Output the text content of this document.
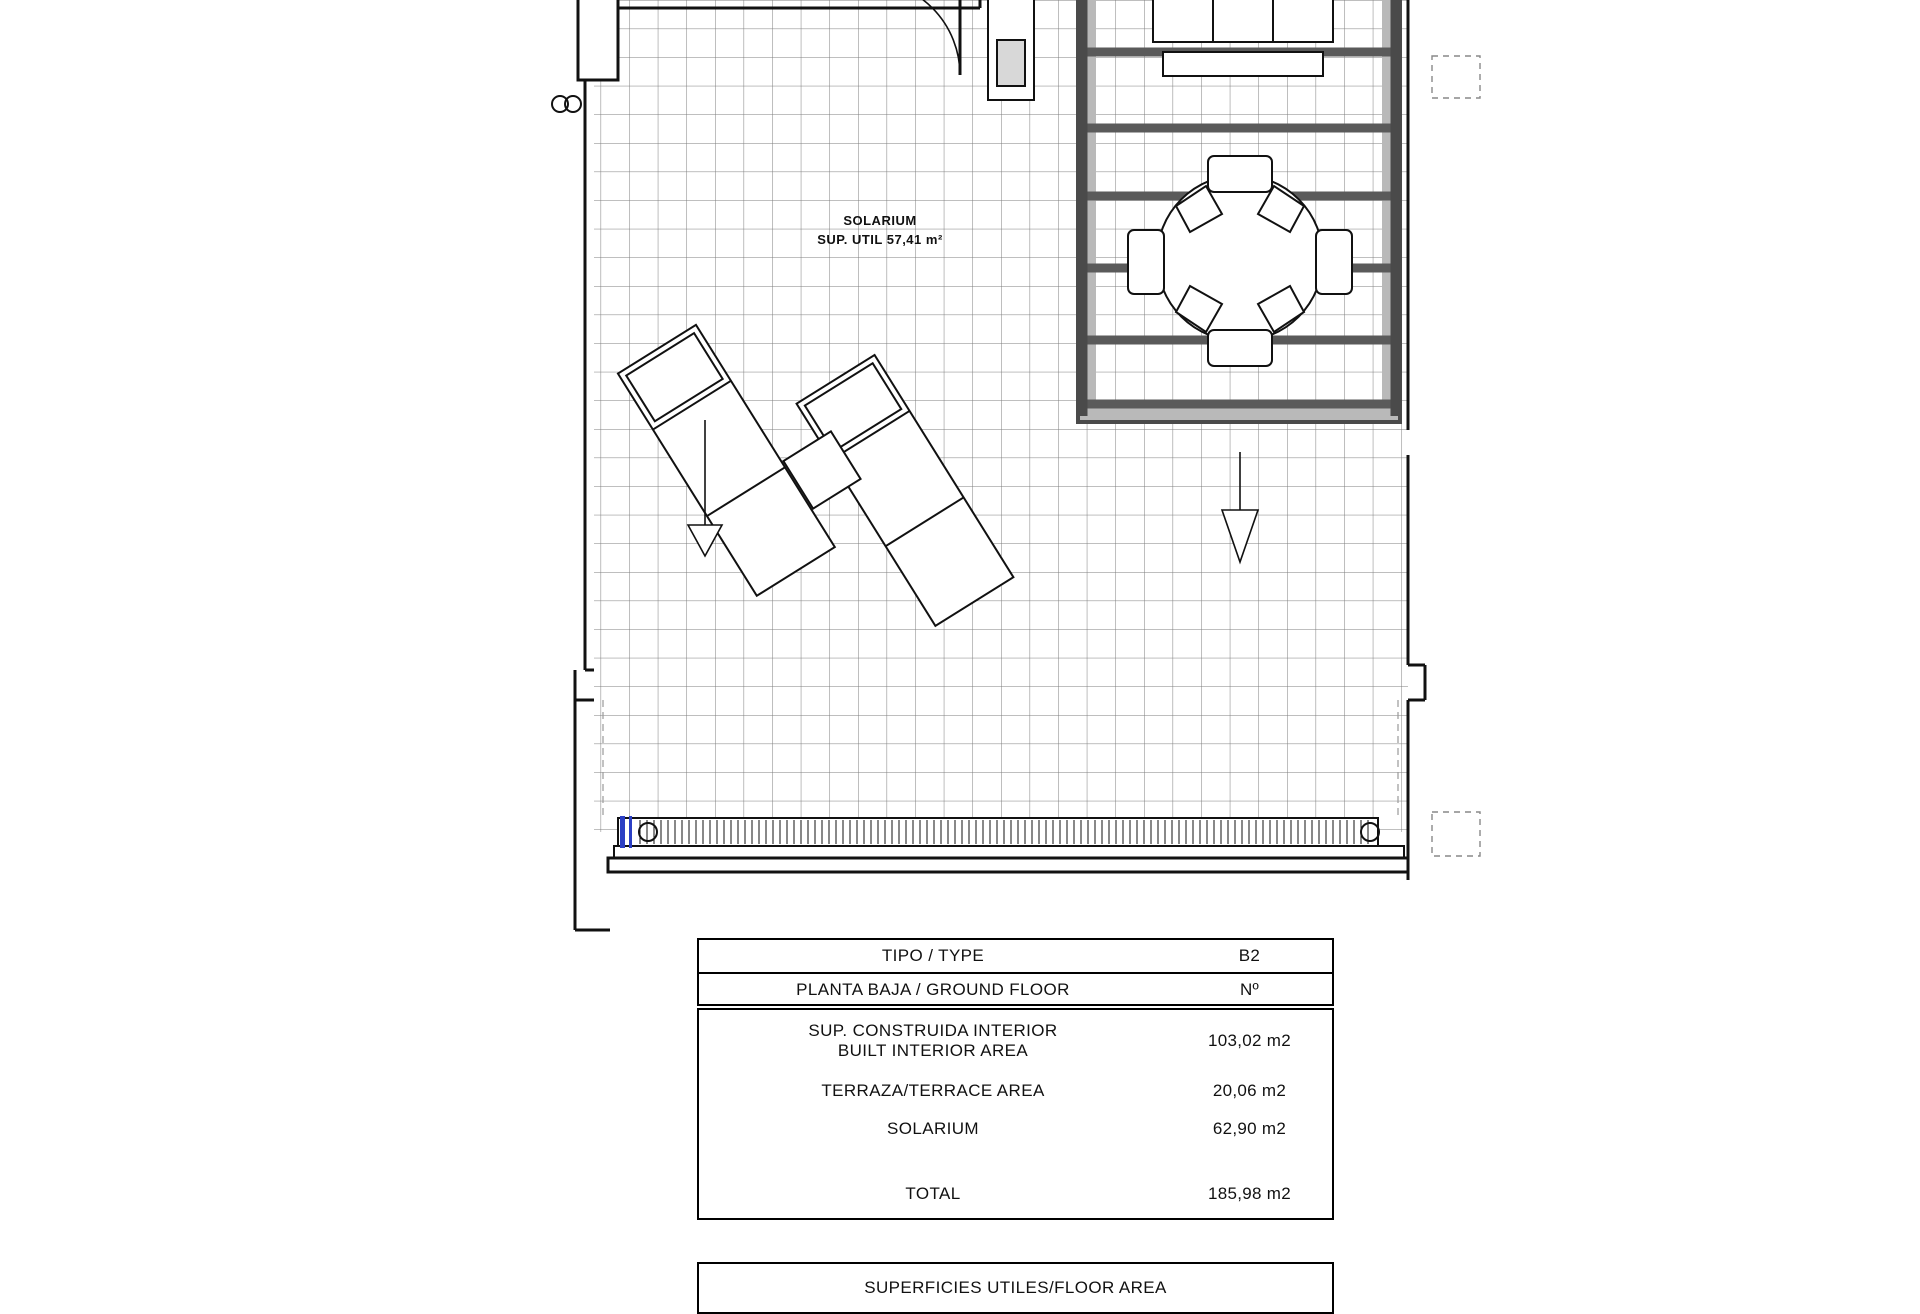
SOLARIUM
SUP. UTIL 57,41 m²
TIPO / TYPE	B2
PLANTA BAJA / GROUND FLOOR	Nº
SUP. CONSTRUIDA INTERIOR
BUILT INTERIOR AREA
103,02 m2
TERRAZA/TERRACE AREA	20,06 m2
SOLARIUM	62,90 m2
TOTAL	185,98 m2
SUPERFICIES UTILES/FLOOR AREA
